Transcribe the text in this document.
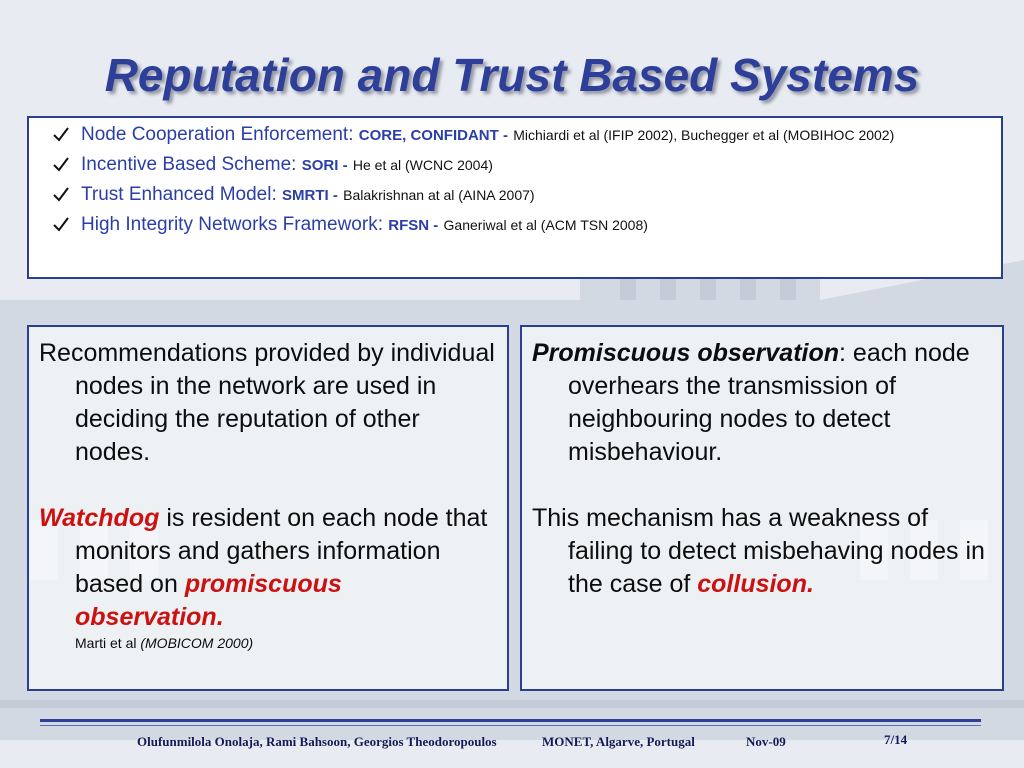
Reputation and Trust Based Systems
Node Cooperation Enforcement: CORE, CONFIDANT - Michiardi et al (IFIP 2002), Buchegger et al (MOBIHOC 2002)
Incentive Based Scheme: SORI - He et al (WCNC 2004)
Trust Enhanced Model: SMRTI - Balakrishnan at al (AINA 2007)
High Integrity Networks Framework: RFSN - Ganeriwal et al (ACM TSN 2008)

Recommendations provided by individual nodes in the network are used in deciding the reputation of other nodes.

Watchdog is resident on each node that monitors and gathers information based on promiscuous observation.
Marti et al (MOBICOM 2000)

Promiscuous observation: each node overhears the transmission of neighbouring nodes to detect misbehaviour.

This mechanism has a weakness of failing to detect misbehaving nodes in the case of collusion.

Olufunmilola Onolaja, Rami Bahsoon, Georgios Theodoropoulos	MONET, Algarve, Portugal	Nov-09	7/14
